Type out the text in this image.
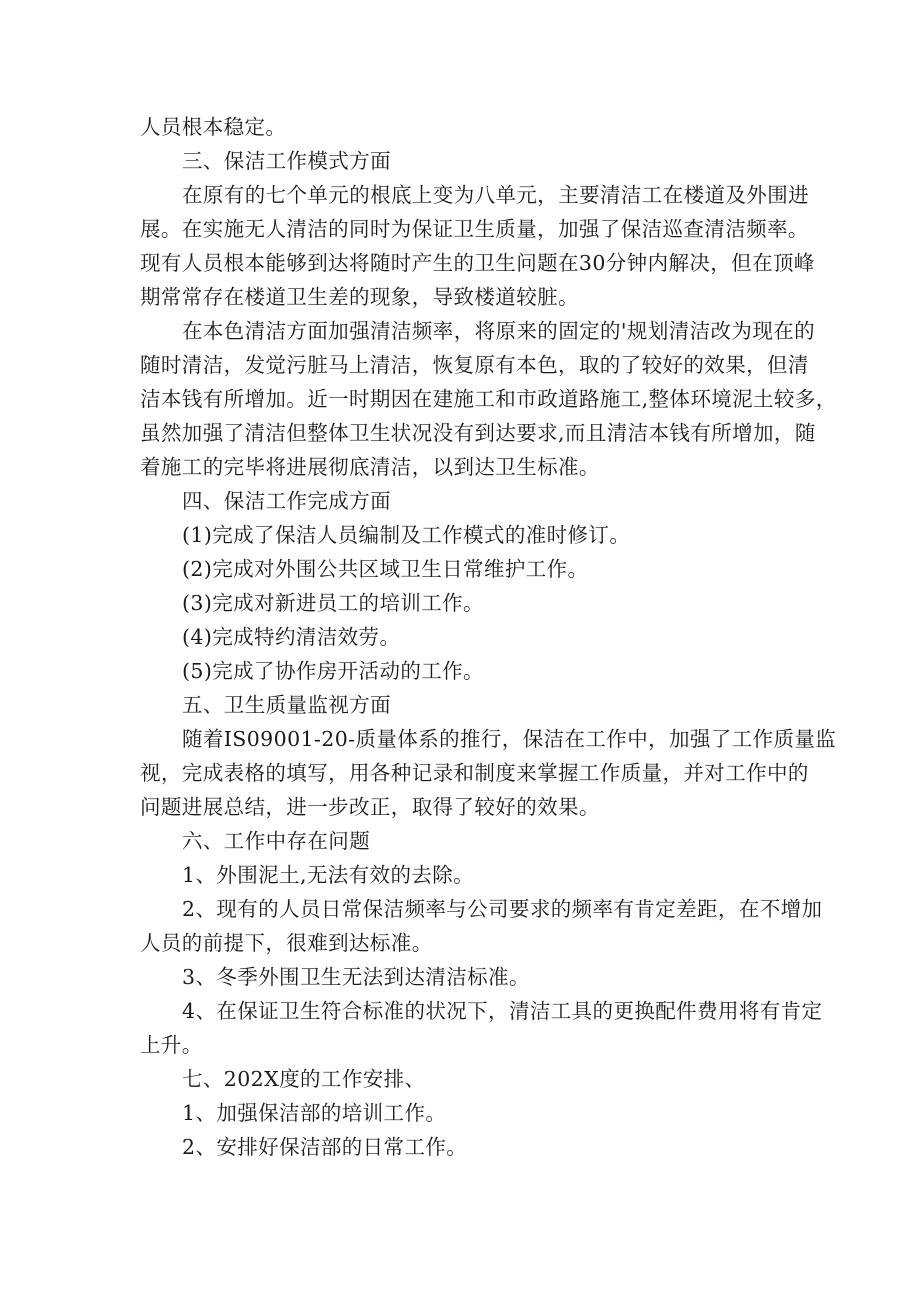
人员根本稳定。
三、保洁工作模式方面
在原有的七个单元的根底上变为八单元，主要清洁工在楼道及外围进
展。在实施无人清洁的同时为保证卫生质量，加强了保洁巡查清洁频率。
现有人员根本能够到达将随时产生的卫生问题在30分钟内解决，但在顶峰
期常常存在楼道卫生差的现象，导致楼道较脏。
在本色清洁方面加强清洁频率，将原来的固定的'规划清洁改为现在的
随时清洁，发觉污脏马上清洁，恢复原有本色，取的了较好的效果，但清
洁本钱有所增加。近一时期因在建施工和市政道路施工,整体环境泥土较多，
虽然加强了清洁但整体卫生状况没有到达要求,而且清洁本钱有所增加，随
着施工的完毕将进展彻底清洁，以到达卫生标准。
四、保洁工作完成方面
(1)完成了保洁人员编制及工作模式的准时修订。
(2)完成对外围公共区域卫生日常维护工作。
(3)完成对新进员工的培训工作。
(4)完成特约清洁效劳。
(5)完成了协作房开活动的工作。
五、卫生质量监视方面
随着IS09001-20-质量体系的推行，保洁在工作中，加强了工作质量监
视，完成表格的填写，用各种记录和制度来掌握工作质量，并对工作中的
问题进展总结，进一步改正，取得了较好的效果。
六、工作中存在问题
1、外围泥土,无法有效的去除。
2、现有的人员日常保洁频率与公司要求的频率有肯定差距，在不增加
人员的前提下，很难到达标准。
3、冬季外围卫生无法到达清洁标准。
4、在保证卫生符合标准的状况下，清洁工具的更换配件费用将有肯定
上升。
七、202X度的工作安排、
1、加强保洁部的培训工作。
2、安排好保洁部的日常工作。
